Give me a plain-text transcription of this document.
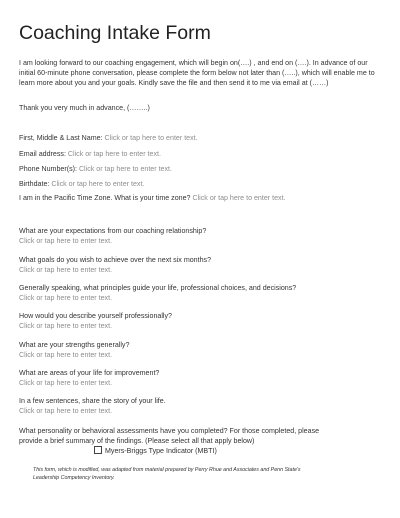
Coaching Intake Form
I am looking forward to our coaching engagement, which will begin on(….) , and end on (….). In advance of our initial 60-minute phone conversation, please complete the form below not later than (…..), which will enable me to learn more about you and your goals. Kindly save the file and then send it to me via email at (……)
Thank you very much in advance, (……..)
First, Middle & Last Name: Click or tap here to enter text.
Email address: Click or tap here to enter text.
Phone Number(s): Click or tap here to enter text.
Birthdate: Click or tap here to enter text.
I am in the Pacific Time Zone. What is your time zone? Click or tap here to enter text.
What are your expectations from our coaching relationship?
Click or tap here to enter text.
What goals do you wish to achieve over the next six months?
Click or tap here to enter text.
Generally speaking, what principles guide your life, professional choices, and decisions?
Click or tap here to enter text.
How would you describe yourself professionally?
Click or tap here to enter text.
What are your strengths generally?
Click or tap here to enter text.
What are areas of your life for improvement?
Click or tap here to enter text.
In a few sentences, share the story of your life.
Click or tap here to enter text.
What personality or behavioral assessments have you completed? For those completed, please
provide a brief summary of the findings. (Please select all that apply below)
Myers-Briggs Type Indicator (MBTI)
This form, which is modified, was adapted from material prepared by Perry Rhue and Associates and Penn State's
Leadership Competency Inventory.
